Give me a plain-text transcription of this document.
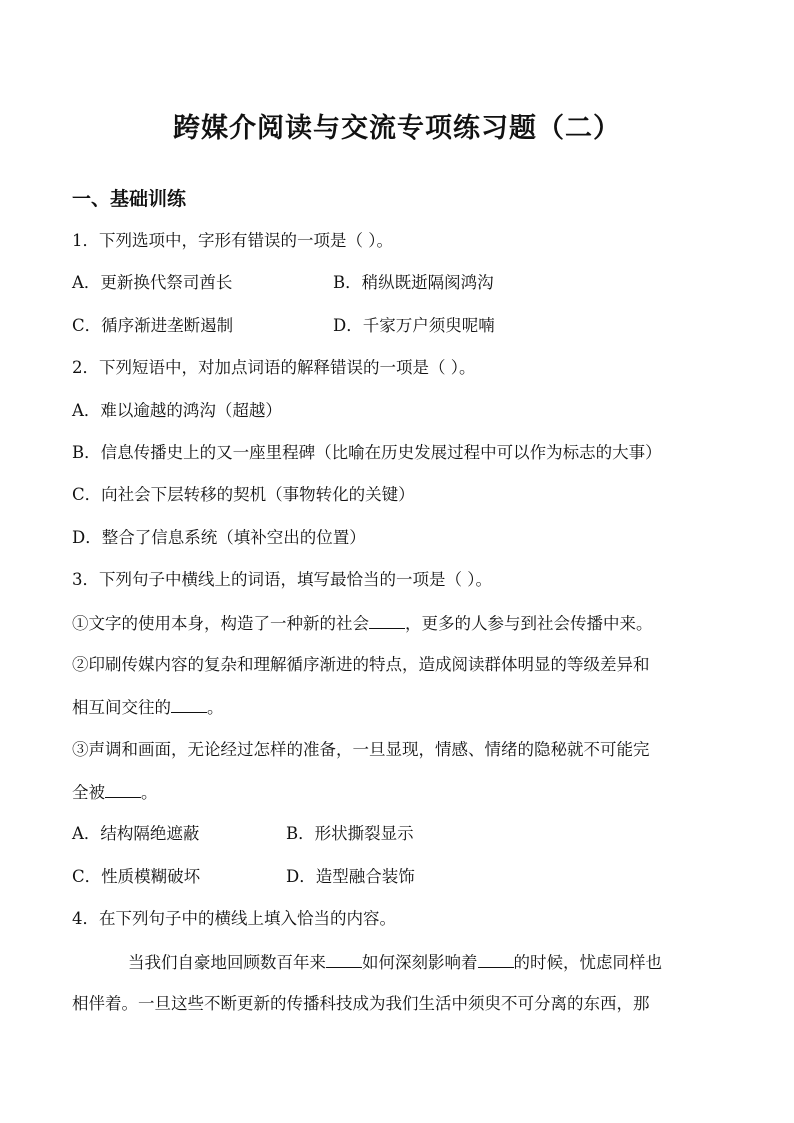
跨媒介阅读与交流专项练习题（二）
一、基础训练

1．下列选项中，字形有错误的一项是（ ）。

A．更新换代祭司酋长	B．稍纵既逝隔阂鸿沟

C．循序渐进垄断遏制	D．千家万户须臾呢喃

2．下列短语中，对加点词语的解释错误的一项是（ ）。

A．难以逾越的鸿沟（超越）

B．信息传播史上的又一座里程碑（比喻在历史发展过程中可以作为标志的大事）

C．向社会下层转移的契机（事物转化的关键）

D．整合了信息系统（填补空出的位置）

3．下列句子中横线上的词语，填写最恰当的一项是（ ）。

①文字的使用本身，构造了一种新的社会 ，更多的人参与到社会传播中来。

②印刷传媒内容的复杂和理解循序渐进的特点，造成阅读群体明显的等级差异和

相互间交往的 。

③声调和画面，无论经过怎样的准备，一旦显现，情感、情绪的隐秘就不可能完

全被 。

A．结构隔绝遮蔽	B．形状撕裂显示

C．性质模糊破坏	D．造型融合装饰

4．在下列句子中的横线上填入恰当的内容。

当我们自豪地回顾数百年来 如何深刻影响着 的时候，忧虑同样也

相伴着。一旦这些不断更新的传播科技成为我们生活中须臾不可分离的东西，那
